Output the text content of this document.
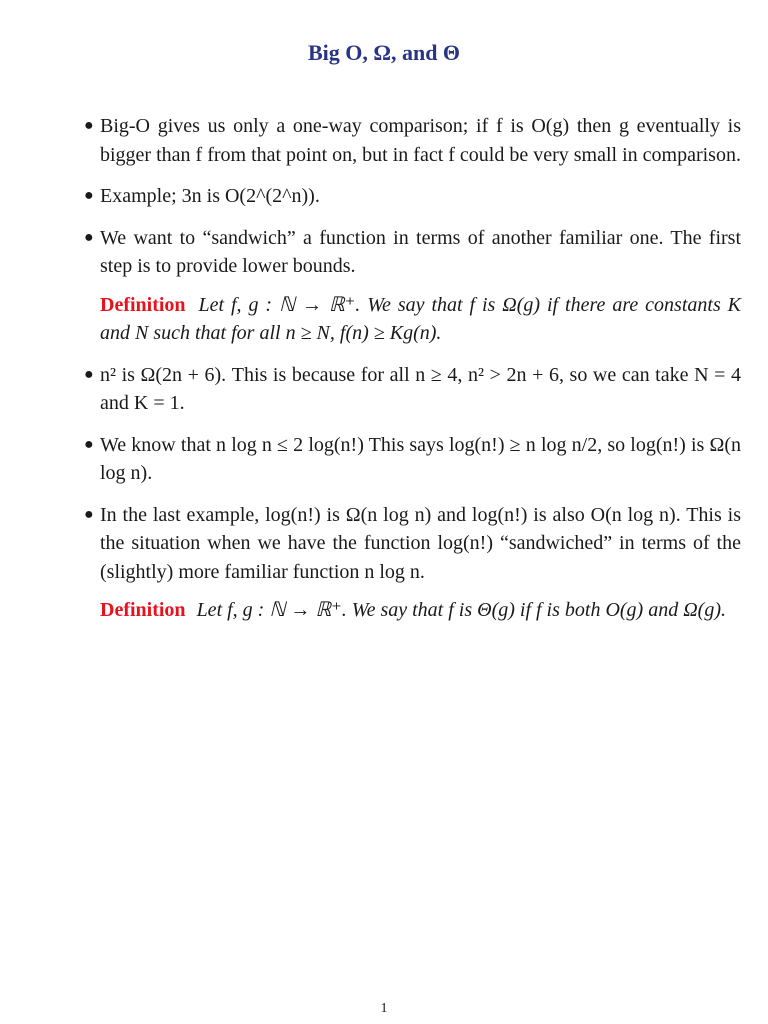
Big O, Ω, and Θ
● Big-O gives us only a one-way comparison; if f is O(g) then g eventually is bigger than f from that point on, but in fact f could be very small in comparison.
● Example; 3n is O(2^(2^n)).
● We want to “sandwich” a function in terms of another familiar one. The first step is to provide lower bounds.
Definition Let f, g : ℕ → ℝ⁺. We say that f is Ω(g) if there are constants K and N such that for all n ≥ N, f(n) ≥ Kg(n).
● n² is Ω(2n + 6). This is because for all n ≥ 4, n² > 2n + 6, so we can take N = 4 and K = 1.
● We know that n log n ≤ 2 log(n!) This says log(n!) ≥ n log n/2, so log(n!) is Ω(n log n).
● In the last example, log(n!) is Ω(n log n) and log(n!) is also O(n log n). This is the situation when we have the function log(n!) “sandwiched” in terms of the (slightly) more familiar function n log n.
Definition Let f, g : ℕ → ℝ⁺. We say that f is Θ(g) if f is both O(g) and Ω(g).
1
